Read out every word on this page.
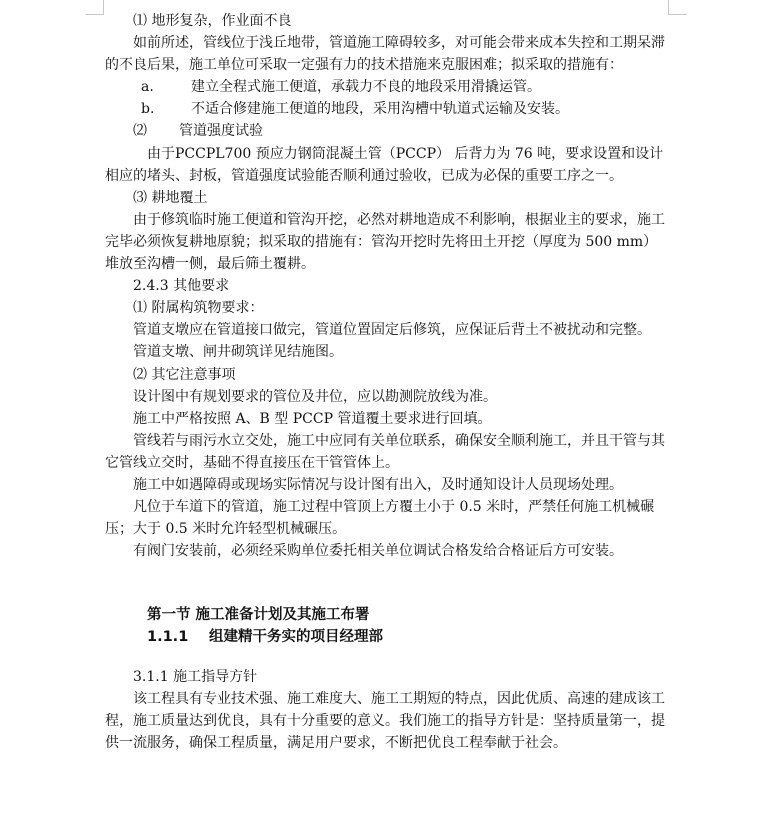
⑴ 地形复杂，作业面不良

如前所述，管线位于浅丘地带，管道施工障碍较多，对可能会带来成本失控和工期呆滞的不良后果，施工单位可采取一定强有力的技术措施来克服困难；拟采取的措施有：

a.	建立全程式施工便道，承载力不良的地段采用滑撬运管。

b.	不适合修建施工便道的地段，采用沟槽中轨道式运输及安装。

⑵	管道强度试验

由于PCCPL700 预应力钢筒混凝土管（PCCP） 后背力为 76 吨，要求设置和设计相应的堵头、封板，管道强度试验能否顺利通过验收，已成为必保的重要工序之一。

⑶ 耕地覆土

由于修筑临时施工便道和管沟开挖，必然对耕地造成不利影响，根据业主的要求，施工完毕必须恢复耕地原貌；拟采取的措施有：管沟开挖时先将田土开挖（厚度为 500 mm）堆放至沟槽一侧，最后筛土覆耕。

2.4.3 其他要求

⑴ 附属构筑物要求：

管道支墩应在管道接口做完，管道位置固定后修筑，应保证后背土不被扰动和完整。

管道支墩、闸井砌筑详见结施图。

⑵ 其它注意事项

设计图中有规划要求的管位及井位，应以勘测院放线为准。

施工中严格按照 A、B 型 PCCP 管道覆土要求进行回填。

管线若与雨污水立交处，施工中应同有关单位联系，确保安全顺利施工，并且干管与其它管线立交时，基础不得直接压在干管管体上。

施工中如遇障碍或现场实际情况与设计图有出入，及时通知设计人员现场处理。

凡位于车道下的管道，施工过程中管顶上方覆土小于 0.5 米时，严禁任何施工机械碾压；大于 0.5 米时允许轻型机械碾压。

有阀门安装前，必须经采购单位委托相关单位调试合格发给合格证后方可安装。

第一节 施工准备计划及其施工布署

1.1.1 组建精干务实的项目经理部

3.1.1 施工指导方针

该工程具有专业技术强、施工难度大、施工工期短的特点，因此优质、高速的建成该工程，施工质量达到优良，具有十分重要的意义。我们施工的指导方针是：坚持质量第一，提供一流服务，确保工程质量，满足用户要求，不断把优良工程奉献于社会。
